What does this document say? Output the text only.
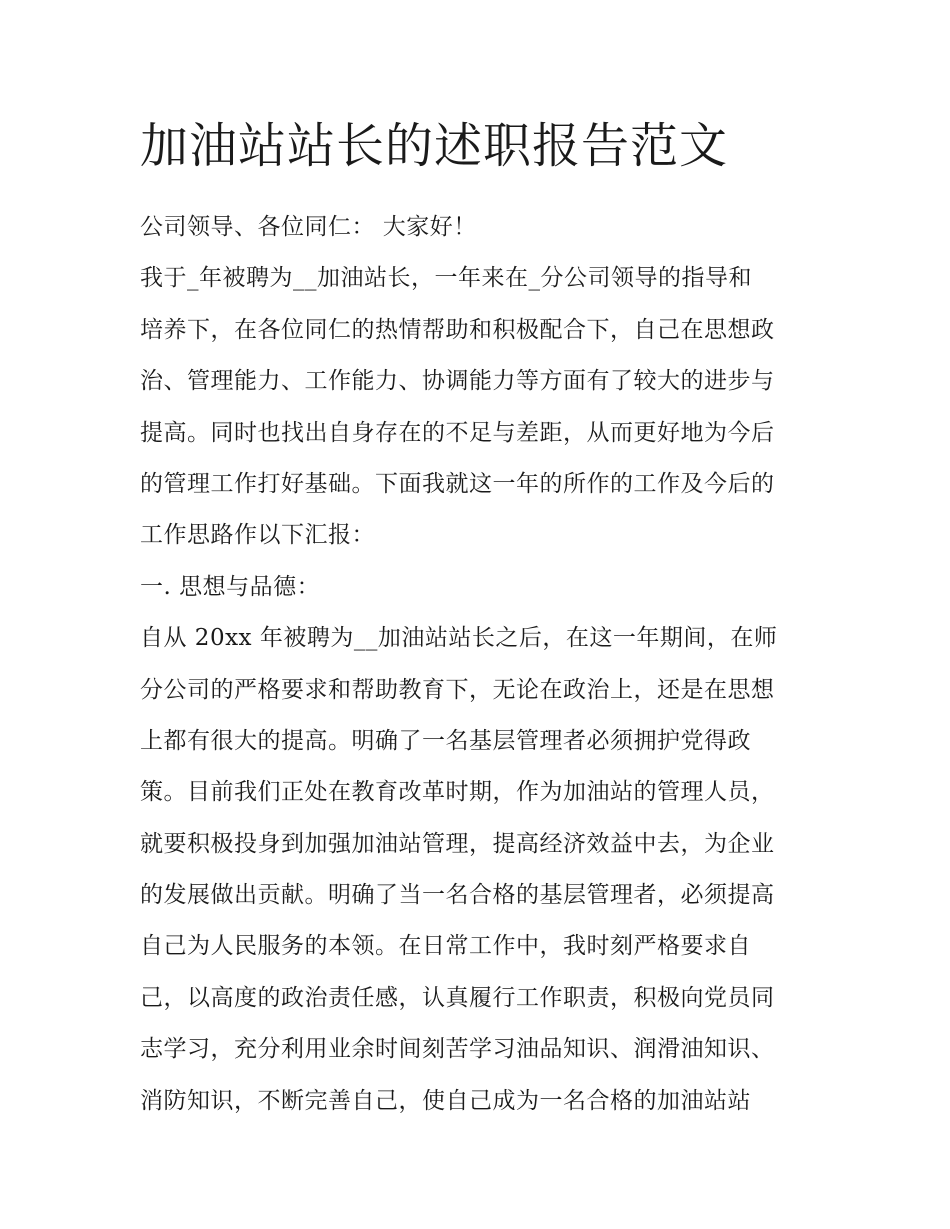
加油站站长的述职报告范文
公司领导、各位同仁： 大家好！
我于_年被聘为__加油站长，一年来在_分公司领导的指导和
培养下，在各位同仁的热情帮助和积极配合下，自己在思想政
治、管理能力、工作能力、协调能力等方面有了较大的进步与
提高。同时也找出自身存在的不足与差距，从而更好地为今后
的管理工作打好基础。下面我就这一年的所作的工作及今后的
工作思路作以下汇报：
一. 思想与品德：
自从 20xx 年被聘为__加油站站长之后，在这一年期间，在师
分公司的严格要求和帮助教育下，无论在政治上，还是在思想
上都有很大的提高。明确了一名基层管理者必须拥护党得政
策。目前我们正处在教育改革时期，作为加油站的管理人员，
就要积极投身到加强加油站管理，提高经济效益中去，为企业
的发展做出贡献。明确了当一名合格的基层管理者，必须提高
自己为人民服务的本领。在日常工作中，我时刻严格要求自
己，以高度的政治责任感，认真履行工作职责，积极向党员同
志学习，充分利用业余时间刻苦学习油品知识、润滑油知识、
消防知识，不断完善自己，使自己成为一名合格的加油站站
